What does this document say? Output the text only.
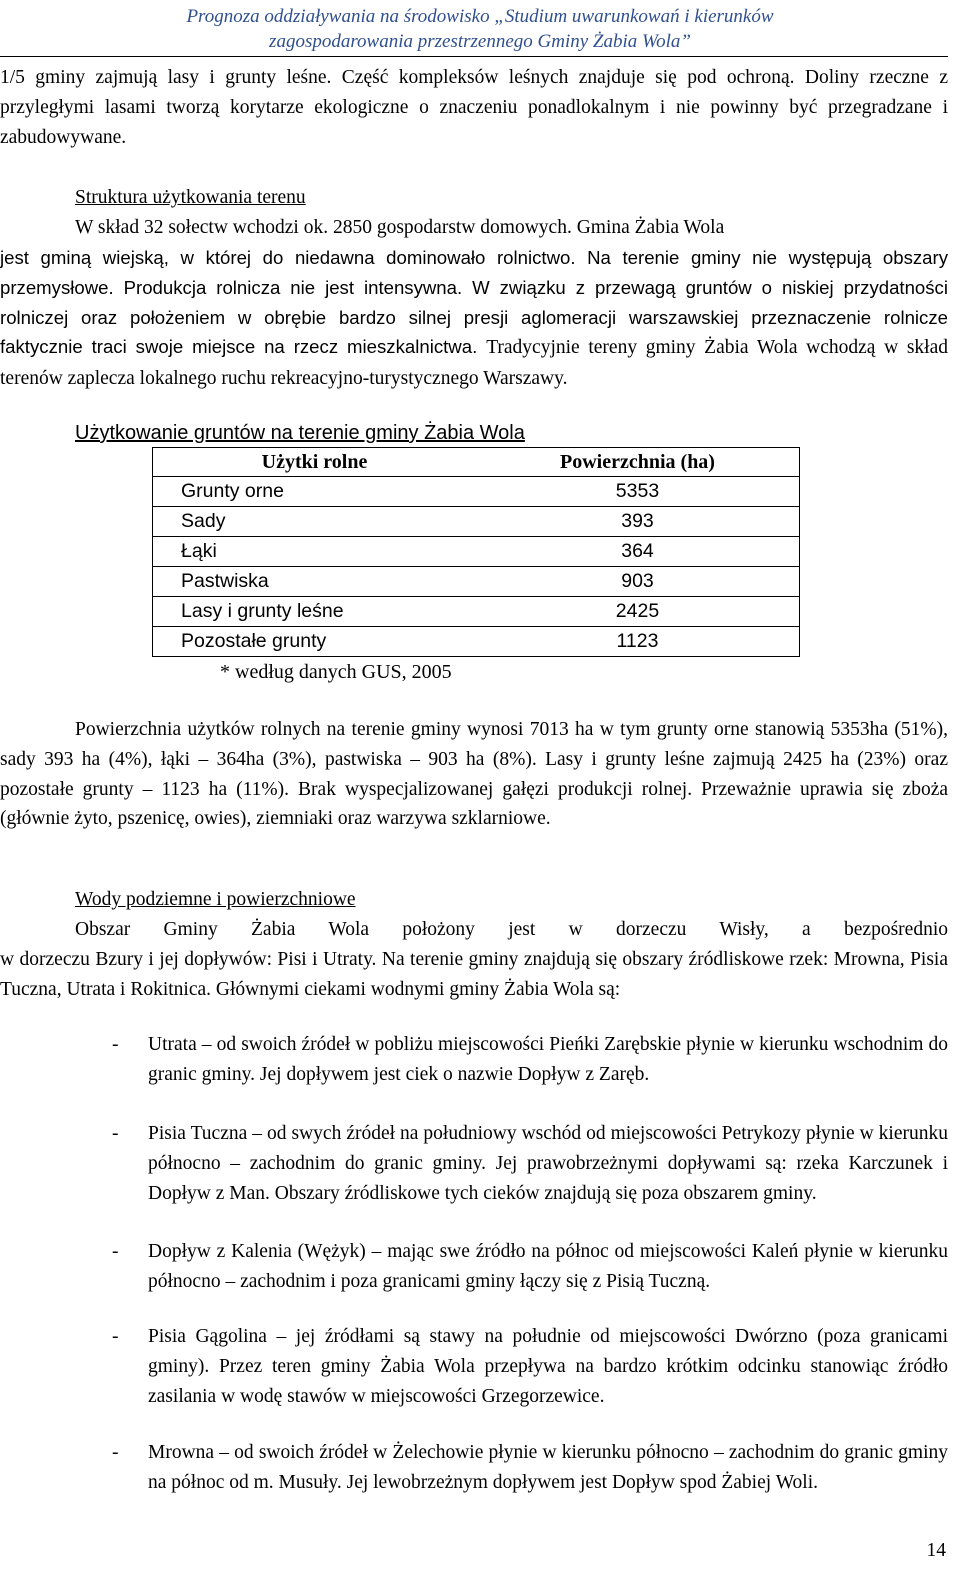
Prognoza oddziaływania na środowisko „Studium uwarunkowań i kierunków
zagospodarowania przestrzennego Gminy Żabia Wola”
1/5 gminy zajmują lasy i grunty leśne. Część kompleksów leśnych znajduje się pod ochroną. Doliny rzeczne z przyległymi lasami tworzą korytarze ekologiczne o znaczeniu ponadlokalnym i nie powinny być przegradzane i zabudowywane.
Struktura użytkowania terenu
W skład 32 sołectw wchodzi ok. 2850 gospodarstw domowych. Gmina Żabia Wola
jest gminą wiejską, w której do niedawna dominowało rolnictwo. Na terenie gminy nie występują obszary przemysłowe. Produkcja rolnicza nie jest intensywna. W związku z przewagą gruntów o niskiej przydatności rolniczej oraz położeniem w obrębie bardzo silnej presji aglomeracji warszawskiej przeznaczenie rolnicze faktycznie traci swoje miejsce na rzecz mieszkalnictwa. Tradycyjnie tereny gminy Żabia Wola wchodzą w skład terenów zaplecza lokalnego ruchu rekreacyjno-turystycznego Warszawy.
Użytkowanie gruntów na terenie gminy Żabia Wola
Użytki rolne	Powierzchnia (ha)
Grunty orne	5353
Sady	393
Łąki	364
Pastwiska	903
Lasy i grunty leśne	2425
Pozostałe grunty	1123
* według danych GUS, 2005
Powierzchnia użytków rolnych na terenie gminy wynosi 7013 ha w tym grunty orne stanowią 5353ha (51%), sady 393 ha (4%), łąki – 364ha (3%), pastwiska – 903 ha (8%). Lasy i grunty leśne zajmują 2425 ha (23%) oraz pozostałe grunty – 1123 ha (11%). Brak wyspecjalizowanej gałęzi produkcji rolnej. Przeważnie uprawia się zboża (głównie żyto, pszenicę, owies), ziemniaki oraz warzywa szklarniowe.
Wody podziemne i powierzchniowe
Obszar Gminy Żabia Wola położony jest w dorzeczu Wisły, a bezpośrednio
w dorzeczu Bzury i jej dopływów: Pisi i Utraty. Na terenie gminy znajdują się obszary źródliskowe rzek: Mrowna, Pisia Tuczna, Utrata i Rokitnica. Głównymi ciekami wodnymi gminy Żabia Wola są:
- Utrata – od swoich źródeł w pobliżu miejscowości Pieńki Zarębskie płynie w kierunku wschodnim do granic gminy. Jej dopływem jest ciek o nazwie Dopływ z Zaręb.
- Pisia Tuczna – od swych źródeł na południowy wschód od miejscowości Petrykozy płynie w kierunku północno – zachodnim do granic gminy. Jej prawobrzeżnymi dopływami są: rzeka Karczunek i Dopływ z Man. Obszary źródliskowe tych cieków znajdują się poza obszarem gminy.
- Dopływ z Kalenia (Wężyk) – mając swe źródło na północ od miejscowości Kaleń płynie w kierunku północno – zachodnim i poza granicami gminy łączy się z Pisią Tuczną.
- Pisia Gągolina – jej źródłami są stawy na południe od miejscowości Dwórzno (poza granicami gminy). Przez teren gminy Żabia Wola przepływa na bardzo krótkim odcinku stanowiąc źródło zasilania w wodę stawów w miejscowości Grzegorzewice.
- Mrowna – od swoich źródeł w Żelechowie płynie w kierunku północno – zachodnim do granic gminy na północ od m. Musuły. Jej lewobrzeżnym dopływem jest Dopływ spod Żabiej Woli.
14
